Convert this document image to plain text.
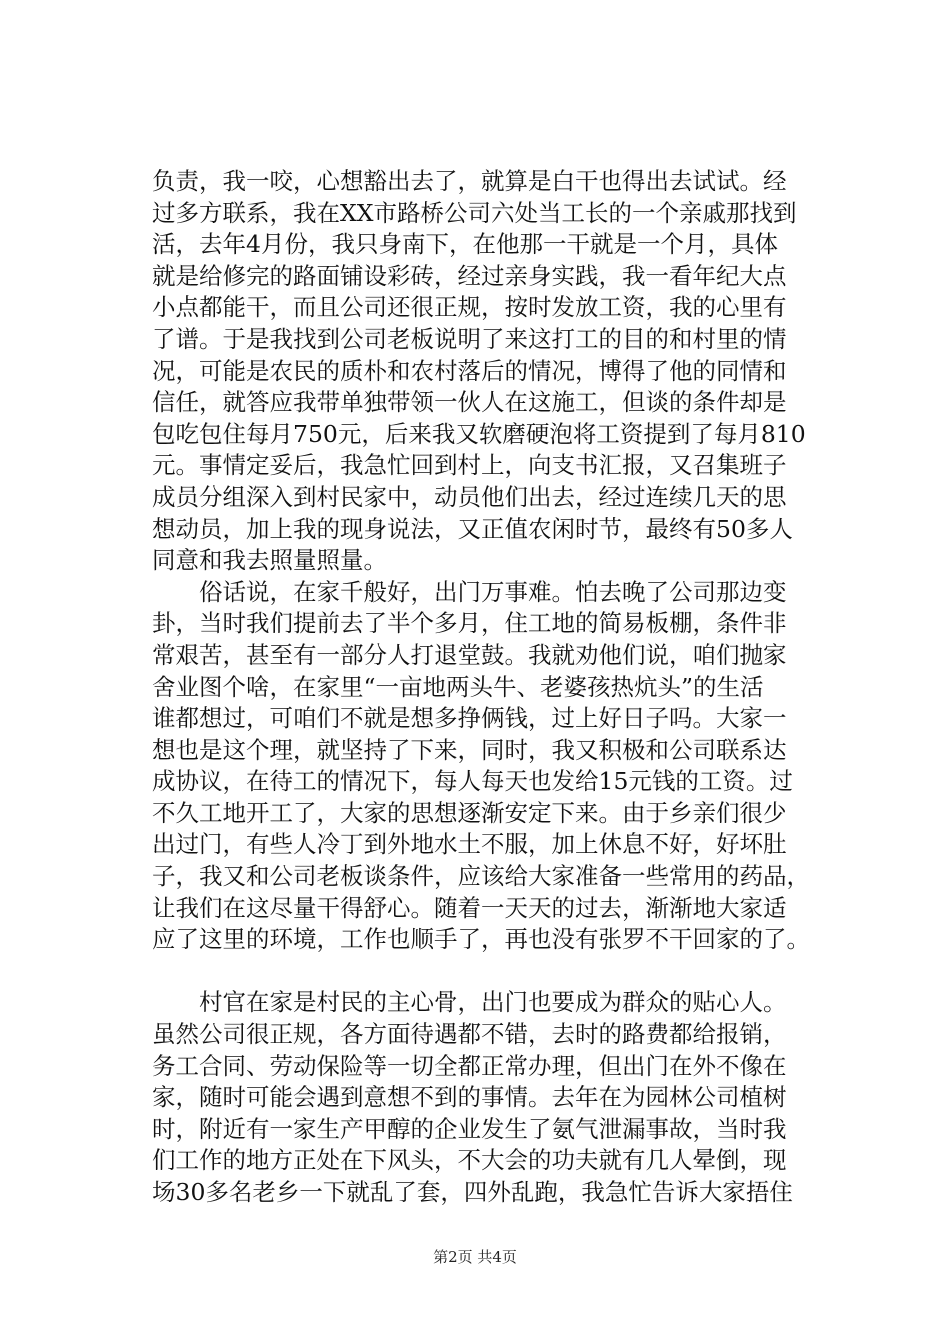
负责，我一咬，心想豁出去了，就算是白干也得出去试试。经
过多方联系，我在XX市路桥公司六处当工长的一个亲戚那找到
活，去年4月份，我只身南下，在他那一干就是一个月，具体
就是给修完的路面铺设彩砖，经过亲身实践，我一看年纪大点
小点都能干，而且公司还很正规，按时发放工资，我的心里有
了谱。于是我找到公司老板说明了来这打工的目的和村里的情
况，可能是农民的质朴和农村落后的情况，博得了他的同情和
信任，就答应我带单独带领一伙人在这施工，但谈的条件却是
包吃包住每月750元，后来我又软磨硬泡将工资提到了每月810
元。事情定妥后，我急忙回到村上，向支书汇报，又召集班子
成员分组深入到村民家中，动员他们出去，经过连续几天的思
想动员，加上我的现身说法，又正值农闲时节，最终有50多人
同意和我去照量照量。
　　俗话说，在家千般好，出门万事难。怕去晚了公司那边变
卦，当时我们提前去了半个多月，住工地的简易板棚，条件非
常艰苦，甚至有一部分人打退堂鼓。我就劝他们说，咱们抛家
舍业图个啥，在家里“一亩地两头牛、老婆孩热炕头”的生活
谁都想过，可咱们不就是想多挣俩钱，过上好日子吗。大家一
想也是这个理，就坚持了下来，同时，我又积极和公司联系达
成协议，在待工的情况下，每人每天也发给15元钱的工资。过
不久工地开工了，大家的思想逐渐安定下来。由于乡亲们很少
出过门，有些人冷丁到外地水土不服，加上休息不好，好坏肚
子，我又和公司老板谈条件，应该给大家准备一些常用的药品，
让我们在这尽量干得舒心。随着一天天的过去，渐渐地大家适
应了这里的环境，工作也顺手了，再也没有张罗不干回家的了。
　　村官在家是村民的主心骨，出门也要成为群众的贴心人。
虽然公司很正规，各方面待遇都不错，去时的路费都给报销，
务工合同、劳动保险等一切全都正常办理，但出门在外不像在
家，随时可能会遇到意想不到的事情。去年在为园林公司植树
时，附近有一家生产甲醇的企业发生了氨气泄漏事故，当时我
们工作的地方正处在下风头，不大会的功夫就有几人晕倒，现
场30多名老乡一下就乱了套，四外乱跑，我急忙告诉大家捂住
第2页 共4页
